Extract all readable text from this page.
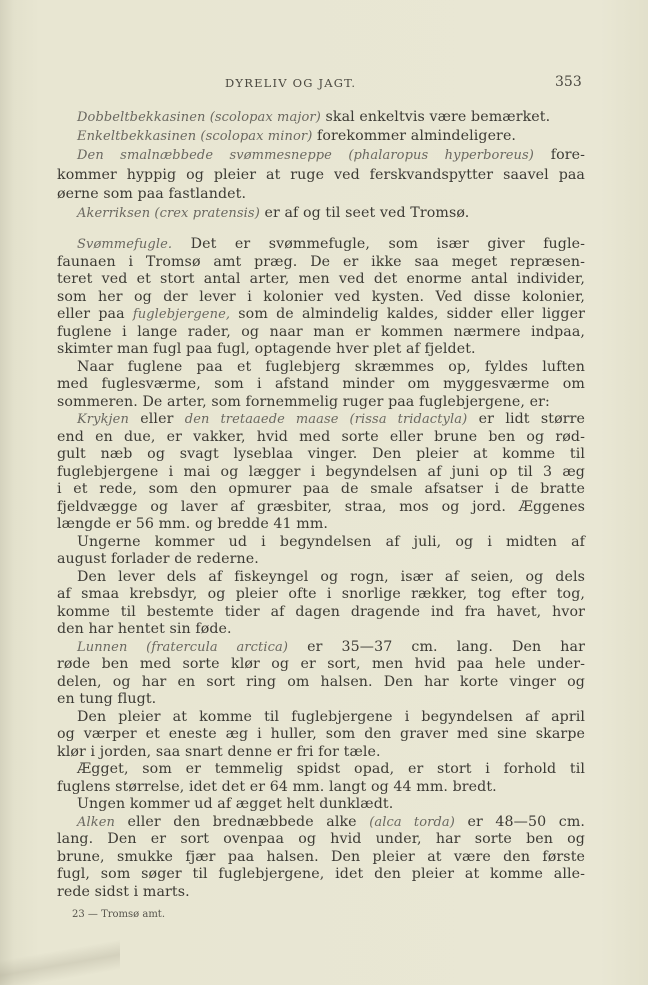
DYRELIV OG JAGT.	353
Dobbeltbekkasinen (scolopax major) skal enkeltvis være bemærket.
Enkeltbekkasinen (scolopax minor) forekommer almindeligere.
Den smalnæbbede svømmesneppe (phalaropus hyperboreus) fore-
kommer hyppig og pleier at ruge ved ferskvandspytter saavel paa
øerne som paa fastlandet.
Akerriksen (crex pratensis) er af og til seet ved Tromsø.
Svømmefugle. Det er svømmefugle, som især giver fugle-
faunaen i Tromsø amt præg. De er ikke saa meget repræsen-
teret ved et stort antal arter, men ved det enorme antal individer,
som her og der lever i kolonier ved kysten. Ved disse kolonier,
eller paa fuglebjergene, som de almindelig kaldes, sidder eller ligger
fuglene i lange rader, og naar man er kommen nærmere indpaa,
skimter man fugl paa fugl, optagende hver plet af fjeldet.
Naar fuglene paa et fuglebjerg skræmmes op, fyldes luften
med fuglesværme, som i afstand minder om myggesværme om
sommeren. De arter, som fornemmelig ruger paa fuglebjergene, er:
Krykjen eller den tretaaede maase (rissa tridactyla) er lidt større
end en due, er vakker, hvid med sorte eller brune ben og rød-
gult næb og svagt lyseblaa vinger. Den pleier at komme til
fuglebjergene i mai og lægger i begyndelsen af juni op til 3 æg
i et rede, som den opmurer paa de smale afsatser i de bratte
fjeldvægge og laver af græsbiter, straa, mos og jord. Æggenes
længde er 56 mm. og bredde 41 mm.
Ungerne kommer ud i begyndelsen af juli, og i midten af
august forlader de rederne.
Den lever dels af fiskeyngel og rogn, især af seien, og dels
af smaa krebsdyr, og pleier ofte i snorlige rækker, tog efter tog,
komme til bestemte tider af dagen dragende ind fra havet, hvor
den har hentet sin føde.
Lunnen (fratercula arctica) er 35—37 cm. lang. Den har
røde ben med sorte klør og er sort, men hvid paa hele under-
delen, og har en sort ring om halsen. Den har korte vinger og
en tung flugt.
Den pleier at komme til fuglebjergene i begyndelsen af april
og værper et eneste æg i huller, som den graver med sine skarpe
klør i jorden, saa snart denne er fri for tæle.
Ægget, som er temmelig spidst opad, er stort i forhold til
fuglens størrelse, idet det er 64 mm. langt og 44 mm. bredt.
Ungen kommer ud af ægget helt dunklædt.
Alken eller den brednæbbede alke (alca torda) er 48—50 cm.
lang. Den er sort ovenpaa og hvid under, har sorte ben og
brune, smukke fjær paa halsen. Den pleier at være den første
fugl, som søger til fuglebjergene, idet den pleier at komme alle-
rede sidst i marts.
23 — Tromsø amt.
